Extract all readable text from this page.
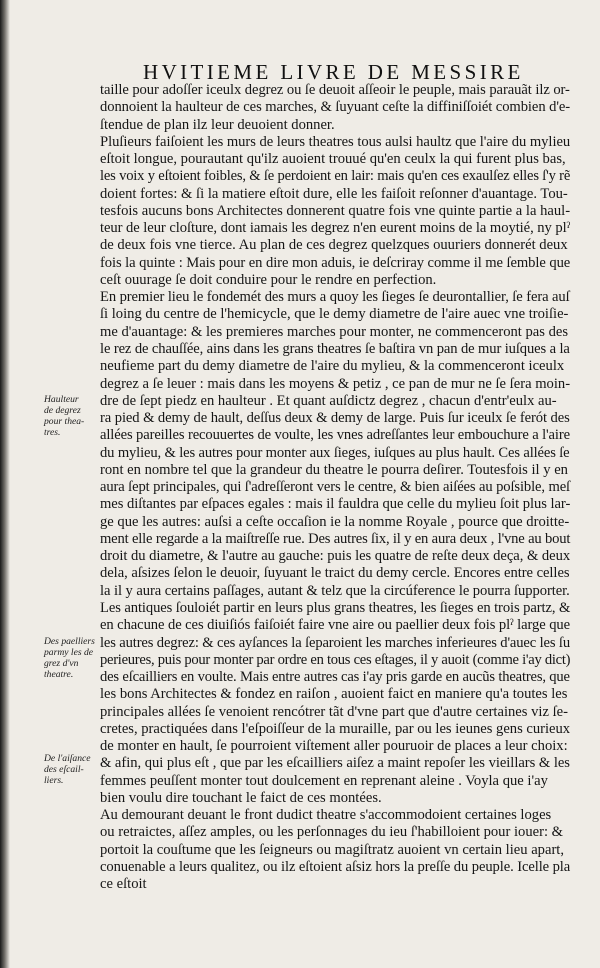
HVITIEME LIVRE DE MESSIRE
Haulteur
de degrez
pour thea-
tres.
Des paelliers
parmy les de
grez d'vn
theatre.
De l'aiſance
des eſcail-
liers.
taille pour adoſſer iceulx degrez ou ſe deuoit aſſeoir le peuple, mais parauãt ilz or-
donnoient la haulteur de ces marches, & ſuyuant ceſte la diffiniſſoiét combien d'e-
ſtendue de plan ilz leur deuoient donner.
Pluſieurs faiſoient les murs de leurs theatres tous aulsi haultz que l'aire du mylieu
eſtoit longue, pourautant qu'ilz auoient trouué qu'en ceulx la qui furent plus bas,
les voix y eſtoient foibles, & ſe perdoient en lair: mais qu'en ces exaulſez elles ſ'y rẽ
doient fortes: & ſi la matiere eſtoit dure, elle les faiſoit reſonner d'auantage. Tou-
tesfois aucuns bons Architectes donnerent quatre fois vne quinte partie a la haul-
teur de leur cloſture, dont iamais les degrez n'en eurent moins de la moytié, ny plˀ
de deux fois vne tierce. Au plan de ces degrez quelzques ouuriers donnerét deux
fois la quinte : Mais pour en dire mon aduis, ie deſcriray comme il me ſemble que
ceſt ouurage ſe doit conduire pour le rendre en perfection.
En premier lieu le fondemét des murs a quoy les ſieges ſe deurontallier, ſe fera auſ
ſi loing du centre de l'hemicycle, que le demy diametre de l'aire auec vne troiſie-
me d'auantage: & les premieres marches pour monter, ne commenceront pas des
le rez de chauſſée, ains dans les grans theatres ſe baſtira vn pan de mur iuſques a la
neufieme part du demy diametre de l'aire du mylieu, & la commenceront iceulx
degrez a ſe leuer : mais dans les moyens & petiz , ce pan de mur ne ſe ſera moin-
dre de ſept piedz en haulteur . Et quant auſdictz degrez , chacun d'entr'eulx au-
ra pied & demy de hault, deſſus deux & demy de large. Puis ſur iceulx ſe ferót des
allées pareilles recouuertes de voulte, les vnes adreſſantes leur embouchure a l'aire
du mylieu, & les autres pour monter aux ſieges, iuſques au plus hault. Ces allées ſe
ront en nombre tel que la grandeur du theatre le pourra deſirer. Toutesfois il y en
aura ſept principales, qui ſ'adreſſeront vers le centre, & bien aiſées au poſsible, meſ
mes diſtantes par eſpaces egales : mais il fauldra que celle du mylieu ſoit plus lar-
ge que les autres: auſsi a ceſte occaſion ie la nomme Royale , pource que droitte-
ment elle regarde a la maiſtreſſe rue. Des autres ſix, il y en aura deux , l'vne au bout
droit du diametre, & l'autre au gauche: puis les quatre de reſte deux deça, & deux
dela, aſsizes ſelon le deuoir, ſuyuant le traict du demy cercle. Encores entre celles
la il y aura certains paſſages, autant & telz que la circúference le pourra ſupporter.
Les antiques ſouloiét partir en leurs plus grans theatres, les ſieges en trois partz, &
en chacune de ces diuiſiós faiſoiét faire vne aire ou paellier deux fois plˀ large que
les autres degrez: & ces ayſances la ſeparoient les marches inferieures d'auec les ſu
perieures, puis pour monter par ordre en tous ces eſtages, il y auoit (comme i'ay dict)
des eſcailliers en voulte. Mais entre autres cas i'ay pris garde en aucũs theatres, que
les bons Architectes & fondez en raiſon , auoient faict en maniere qu'a toutes les
principales allées ſe venoient rencótrer tãt d'vne part que d'autre certaines viz ſe-
cretes, practiquées dans l'eſpoiſſeur de la muraille, par ou les ieunes gens curieux
de monter en hault, ſe pourroient viſtement aller pouruoir de places a leur choix:
& afin, qui plus eſt , que par les eſcailliers aiſez a maint repoſer les vieillars & les
femmes peuſſent monter tout doulcement en reprenant aleine . Voyla que i'ay
bien voulu dire touchant le faict de ces montées.
Au demourant deuant le front dudict theatre s'accommodoient certaines loges
ou retraictes, aſſez amples, ou les perſonnages du ieu ſ'habilloient pour iouer: &
portoit la couſtume que les ſeigneurs ou magiſtratz auoient vn certain lieu apart,
conuenable a leurs qualitez, ou ilz eſtoient aſsiz hors la preſſe du peuple. Icelle pla
ce eſtoit
